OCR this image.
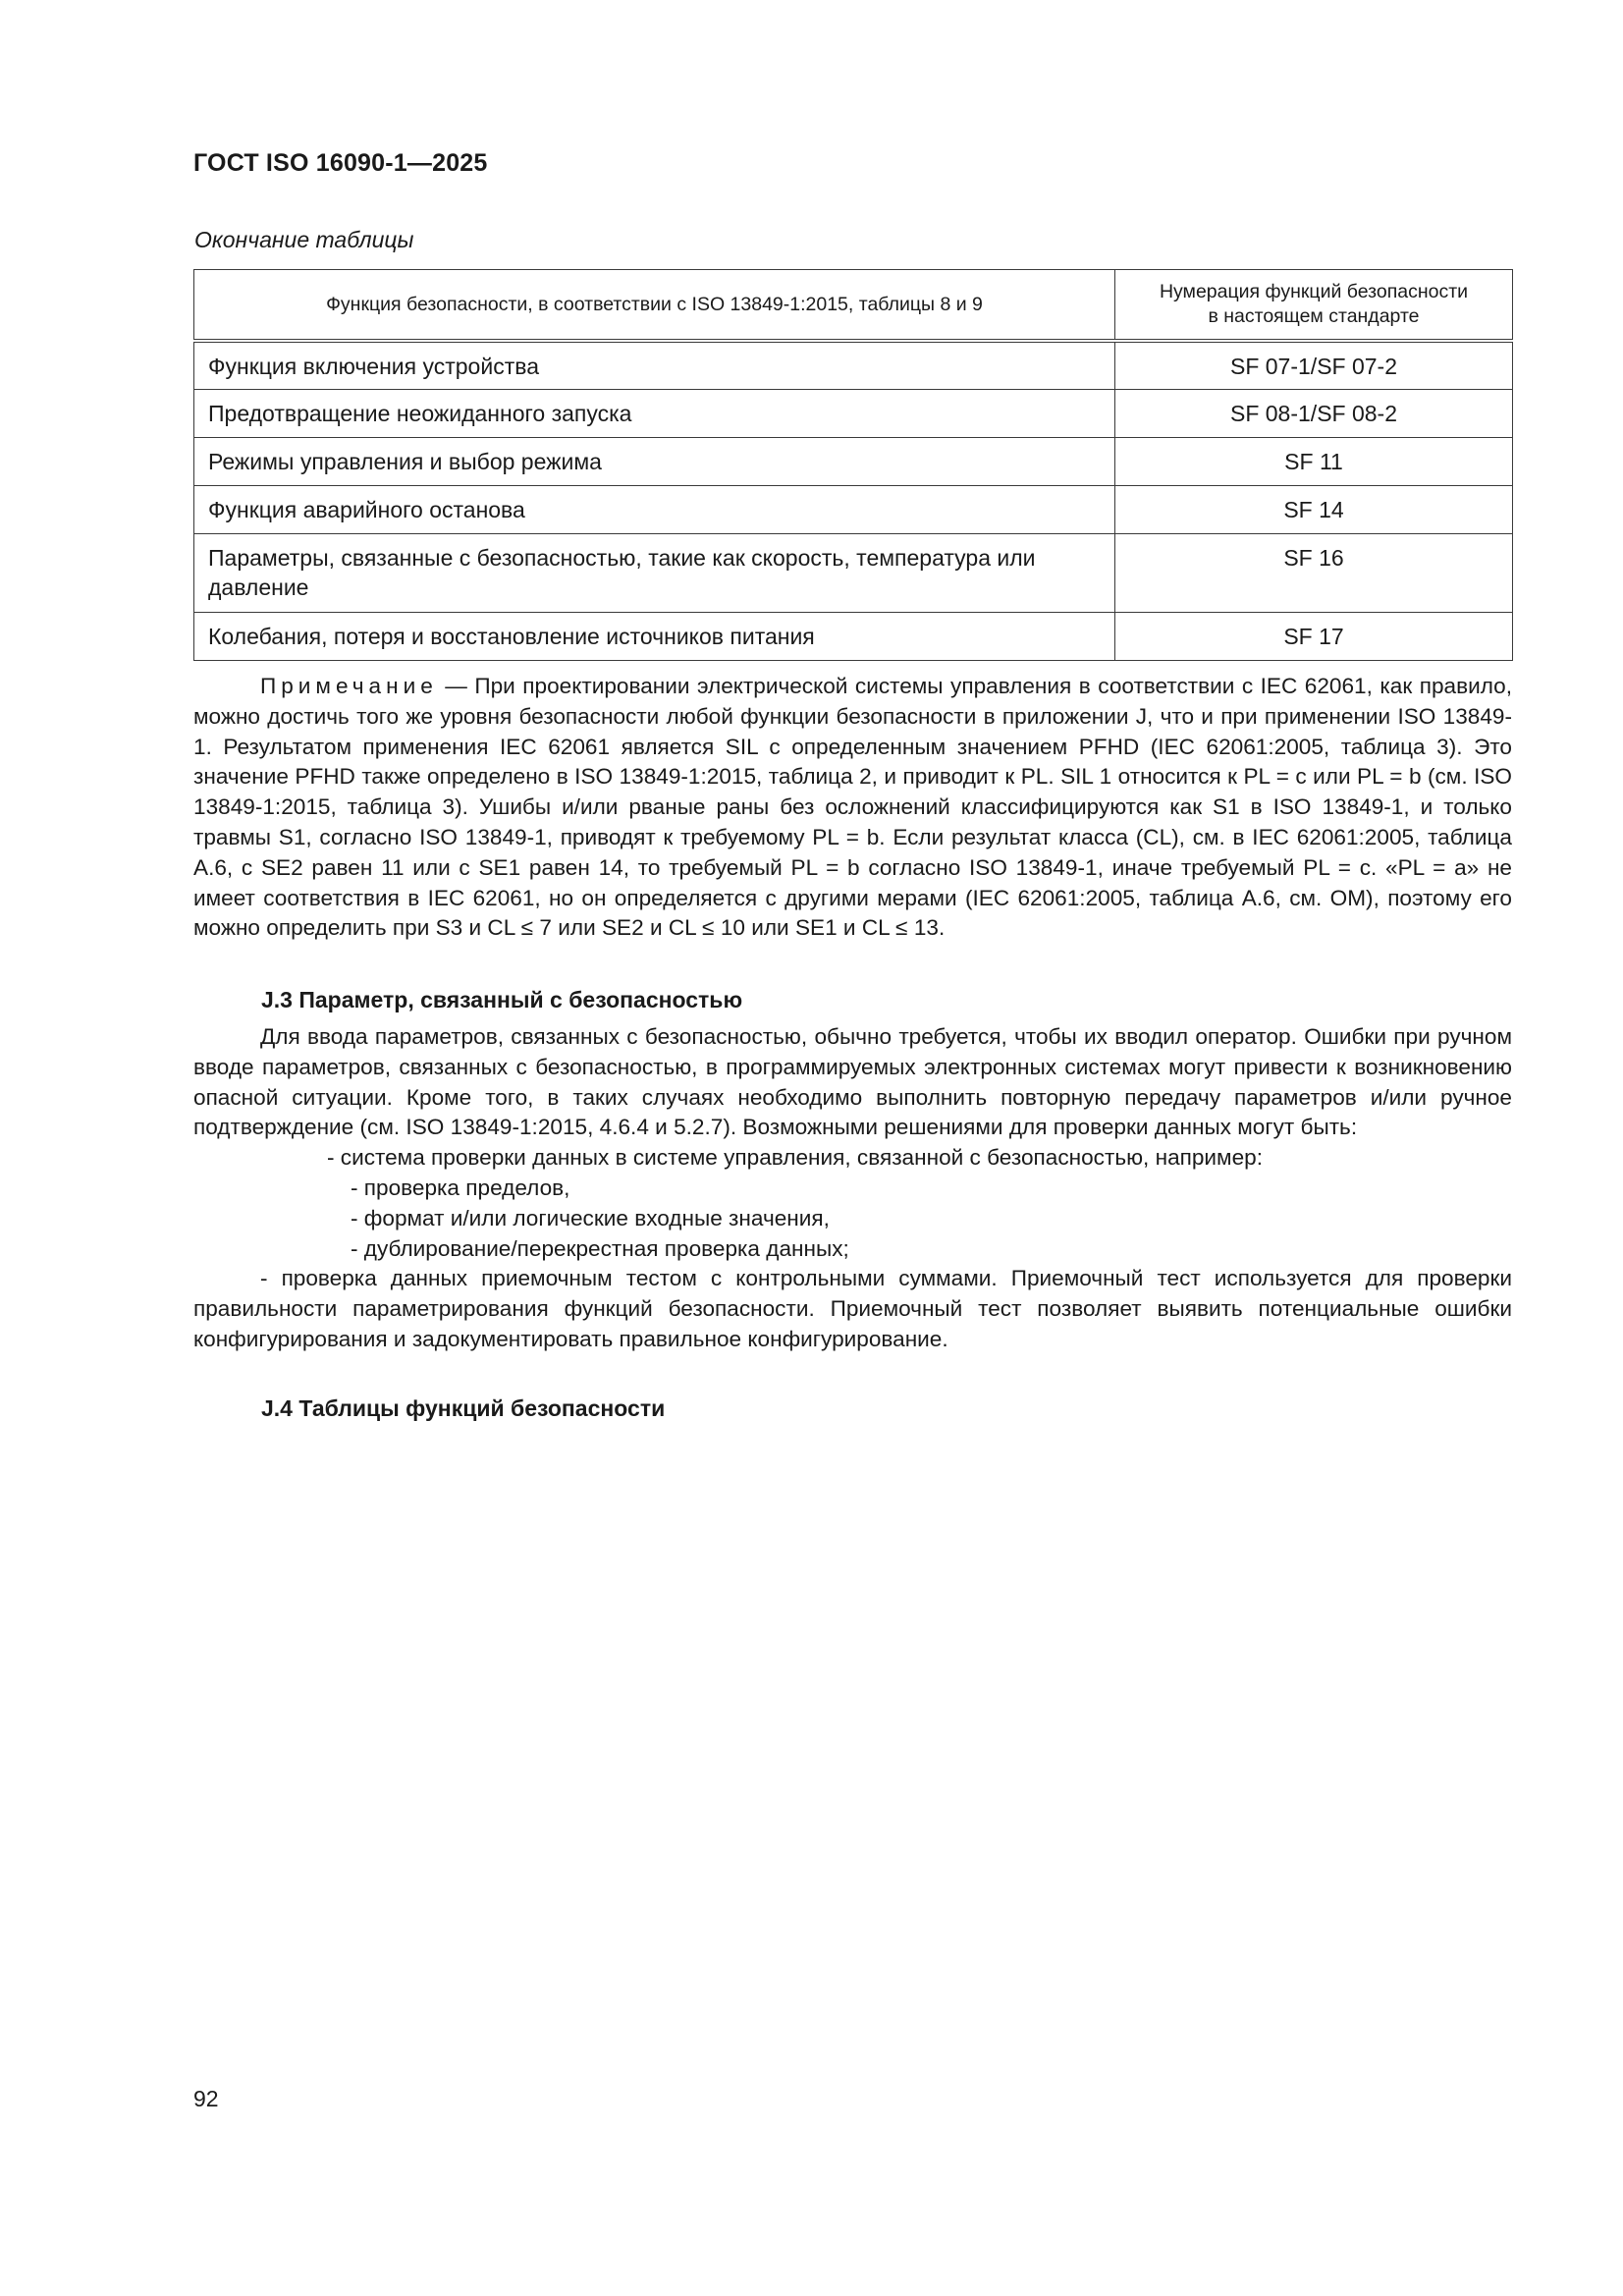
ГОСТ ISO 16090-1—2025
Окончание таблицы
Функция безопасности, в соответствии с ISO 13849-1:2015, таблицы 8 и 9	Нумерация функций безопасности
в настоящем стандарте
Функция включения устройства	SF 07-1/SF 07-2
Предотвращение неожиданного запуска	SF 08-1/SF 08-2
Режимы управления и выбор режима	SF 11
Функция аварийного останова	SF 14
Параметры, связанные с безопасностью, такие как скорость, температура или давление	SF 16
Колебания, потеря и восстановление источников питания	SF 17

Примечание — При проектировании электрической системы управления в соответствии с IEC 62061, как правило, можно достичь того же уровня безопасности любой функции безопасности в приложении J, что и при применении ISO 13849-1. Результатом применения IEC 62061 является SIL с определенным значением PFHD (IEC 62061:2005, таблица 3). Это значение PFHD также определено в ISO 13849-1:2015, таблица 2, и приводит к PL. SIL 1 относится к PL = c или PL = b (см. ISO 13849-1:2015, таблица 3). Ушибы и/или рваные раны без осложнений классифицируются как S1 в ISO 13849-1, и только травмы S1, согласно ISO 13849-1, приводят к требуемому PL = b. Если результат класса (CL), см. в IEC 62061:2005, таблица A.6, с SE2 равен 11 или с SE1 равен 14, то требуемый PL = b согласно ISO 13849-1, иначе требуемый PL = c. «PL = a» не имеет соответствия в IEC 62061, но он определяется с другими мерами (IEC 62061:2005, таблица A.6, см. OM), поэтому его можно определить при S3 и CL ≤ 7 или SE2 и CL ≤ 10 или SE1 и CL ≤ 13.

J.3 Параметр, связанный с безопасностью

Для ввода параметров, связанных с безопасностью, обычно требуется, чтобы их вводил оператор. Ошибки при ручном вводе параметров, связанных с безопасностью, в программируемых электронных системах могут привести к возникновению опасной ситуации. Кроме того, в таких случаях необходимо выполнить повторную передачу параметров и/или ручное подтверждение (см. ISO 13849-1:2015, 4.6.4 и 5.2.7). Возможными решениями для проверки данных могут быть:

- система проверки данных в системе управления, связанной с безопасностью, например:

- проверка пределов,

- формат и/или логические входные значения,

- дублирование/перекрестная проверка данных;

- проверка данных приемочным тестом с контрольными суммами. Приемочный тест используется для проверки правильности параметрирования функций безопасности. Приемочный тест позволяет выявить потенциальные ошибки конфигурирования и задокументировать правильное конфигурирование.

J.4 Таблицы функций безопасности
92
